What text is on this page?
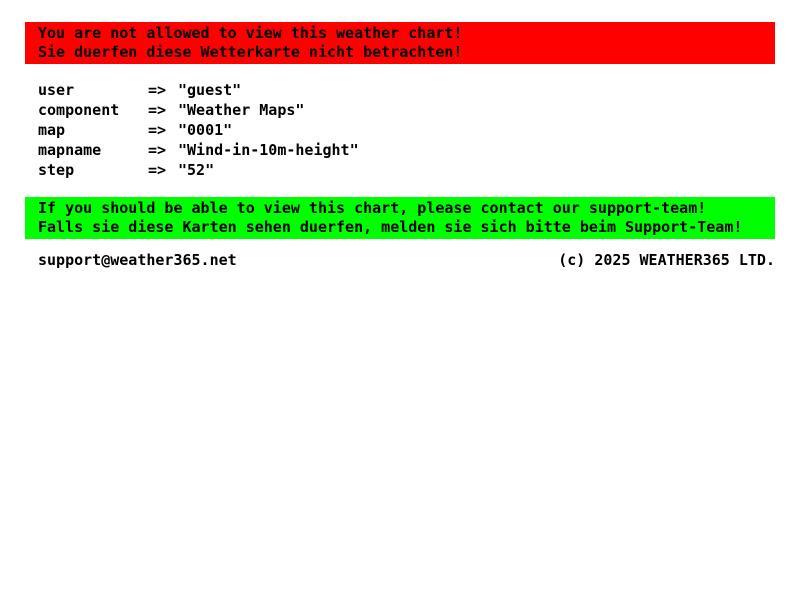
You are not allowed to view this weather chart!
Sie duerfen diese Wetterkarte nicht betrachten!
user	=> "guest"
component	=> "Weather Maps"
map	=> "0001"
mapname	=> "Wind-in-10m-height"
step	=> "52"
If you should be able to view this chart, please contact our support-team!
Falls sie diese Karten sehen duerfen, melden sie sich bitte beim Support-Team!
support@weather365.net	(c) 2025 WEATHER365 LTD.
